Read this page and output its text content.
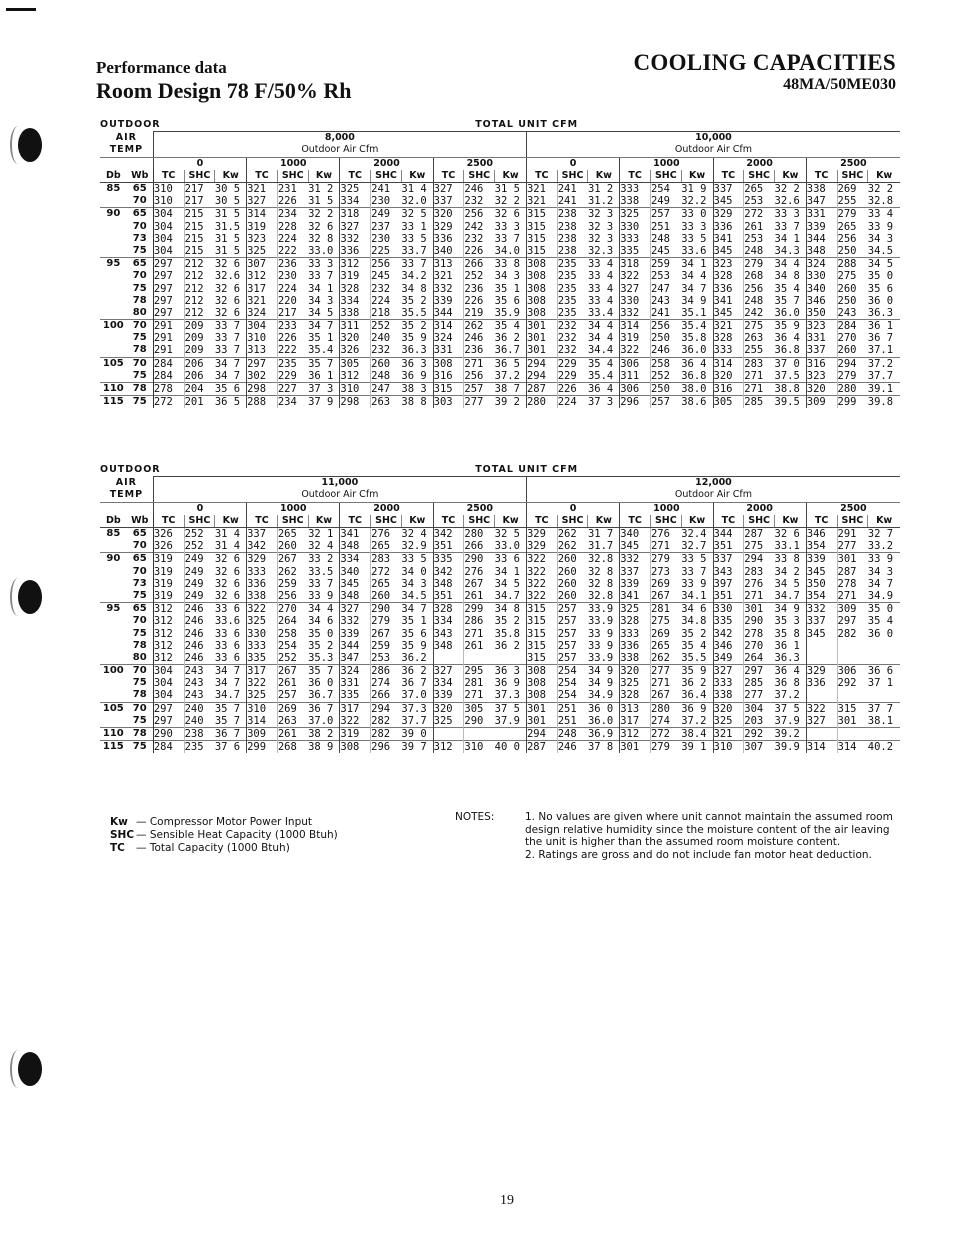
Performance data
Room Design 78 F/50% Rh
COOLING CAPACITIES
48MA/50ME030
OUTDOOR		TOTAL UNIT CFM																							
AIR		8,000												10,000											
TEMP		Outdoor Air Cfm												Outdoor Air Cfm											
		0			1000			2000			2500			0			1000			2000			2500		
Db	Wb	TC	SHC	Kw	TC	SHC	Kw	TC	SHC	Kw	TC	SHC	Kw	TC	SHC	Kw	TC	SHC	Kw	TC	SHC	Kw	TC	SHC	Kw
85	65	310	217	30 5	321	231	31 2	325	241	31 4	327	246	31 5	321	241	31 2	333	254	31 9	337	265	32 2	338	269	32 2
	70	310	217	30 5	327	226	31 5	334	230	32.0	337	232	32 2	321	241	31.2	338	249	32.2	345	253	32.6	347	255	32.8
90	65	304	215	31 5	314	234	32 2	318	249	32 5	320	256	32 6	315	238	32 3	325	257	33 0	329	272	33 3	331	279	33 4
	70	304	215	31.5	319	228	32 6	327	237	33 1	329	242	33 3	315	238	32 3	330	251	33 3	336	261	33 7	339	265	33 9
	73	304	215	31 5	323	224	32 8	332	230	33 5	336	232	33 7	315	238	32 3	333	248	33 5	341	253	34 1	344	256	34 3
	75	304	215	31 5	325	222	33.0	336	225	33.7	340	226	34.0	315	238	32.3	335	245	33.6	345	248	34.3	348	250	34.5
95	65	297	212	32 6	307	236	33 3	312	256	33 7	313	266	33 8	308	235	33 4	318	259	34 1	323	279	34 4	324	288	34 5
	70	297	212	32.6	312	230	33 7	319	245	34.2	321	252	34 3	308	235	33 4	322	253	34 4	328	268	34 8	330	275	35 0
	75	297	212	32 6	317	224	34 1	328	232	34 8	332	236	35 1	308	235	33 4	327	247	34 7	336	256	35 4	340	260	35 6
	78	297	212	32 6	321	220	34 3	334	224	35 2	339	226	35 6	308	235	33 4	330	243	34 9	341	248	35 7	346	250	36 0
	80	297	212	32 6	324	217	34 5	338	218	35.5	344	219	35.9	308	235	33.4	332	241	35.1	345	242	36.0	350	243	36.3
100	70	291	209	33 7	304	233	34 7	311	252	35 2	314	262	35 4	301	232	34 4	314	256	35.4	321	275	35 9	323	284	36 1
	75	291	209	33 7	310	226	35 1	320	240	35 9	324	246	36 2	301	232	34 4	319	250	35.8	328	263	36 4	331	270	36 7
	78	291	209	33 7	313	222	35.4	326	232	36.3	331	236	36.7	301	232	34.4	322	246	36.0	333	255	36.8	337	260	37.1
105	70	284	206	34 7	297	235	35 7	305	260	36 3	308	271	36 5	294	229	35 4	306	258	36 4	314	283	37 0	316	294	37.2
	75	284	206	34 7	302	229	36 1	312	248	36 9	316	256	37.2	294	229	35.4	311	252	36.8	320	271	37.5	323	279	37.7
110	78	278	204	35 6	298	227	37 3	310	247	38 3	315	257	38 7	287	226	36 4	306	250	38.0	316	271	38.8	320	280	39.1
115	75	272	201	36 5	288	234	37 9	298	263	38 8	303	277	39 2	280	224	37 3	296	257	38.6	305	285	39.5	309	299	39.8
OUTDOOR		TOTAL UNIT CFM																							
AIR		11,000												12,000											
TEMP		Outdoor Air Cfm												Outdoor Air Cfm											
		0			1000			2000			2500			0			1000			2000			2500		
Db	Wb	TC	SHC	Kw	TC	SHC	Kw	TC	SHC	Kw	TC	SHC	Kw	TC	SHC	Kw	TC	SHC	Kw	TC	SHC	Kw	TC	SHC	Kw
85	65	326	252	31 4	337	265	32 1	341	276	32 4	342	280	32 5	329	262	31 7	340	276	32.4	344	287	32 6	346	291	32 7
	70	326	252	31 4	342	260	32 4	348	265	32.9	351	266	33.0	329	262	31.7	345	271	32.7	351	275	33.1	354	277	33.2
90	65	319	249	32 6	329	267	33 2	334	283	33 5	335	290	33 6	322	260	32.8	332	279	33 5	337	294	33 8	339	301	33 9
	70	319	249	32 6	333	262	33.5	340	272	34 0	342	276	34 1	322	260	32 8	337	273	33 7	343	283	34 2	345	287	34 3
	73	319	249	32 6	336	259	33 7	345	265	34 3	348	267	34 5	322	260	32 8	339	269	33 9	397	276	34 5	350	278	34 7
	75	319	249	32 6	338	256	33 9	348	260	34.5	351	261	34.7	322	260	32.8	341	267	34.1	351	271	34.7	354	271	34.9
95	65	312	246	33 6	322	270	34 4	327	290	34 7	328	299	34 8	315	257	33.9	325	281	34 6	330	301	34 9	332	309	35 0
	70	312	246	33.6	325	264	34 6	332	279	35 1	334	286	35 2	315	257	33.9	328	275	34.8	335	290	35 3	337	297	35 4
	75	312	246	33 6	330	258	35 0	339	267	35 6	343	271	35.8	315	257	33 9	333	269	35 2	342	278	35 8	345	282	36 0
	78	312	246	33 6	333	254	35 2	344	259	35 9	348	261	36 2	315	257	33 9	336	265	35 4	346	270	36 1			
	80	312	246	33 6	335	252	35.3	347	253	36.2				315	257	33.9	338	262	35.5	349	264	36.3			
100	70	304	243	34 7	317	267	35 7	324	286	36 2	327	295	36 3	308	254	34 9	320	277	35 9	327	297	36 4	329	306	36 6
	75	304	243	34 7	322	261	36 0	331	274	36 7	334	281	36 9	308	254	34 9	325	271	36 2	333	285	36 8	336	292	37 1
	78	304	243	34.7	325	257	36.7	335	266	37.0	339	271	37.3	308	254	34.9	328	267	36.4	338	277	37.2			
105	70	297	240	35 7	310	269	36 7	317	294	37.3	320	305	37 5	301	251	36 0	313	280	36 9	320	304	37 5	322	315	37 7
	75	297	240	35 7	314	263	37.0	322	282	37.7	325	290	37.9	301	251	36.0	317	274	37.2	325	203	37.9	327	301	38.1
110	78	290	238	36 7	309	261	38 2	319	282	39 0				294	248	36.9	312	272	38.4	321	292	39.2			
115	75	284	235	37 6	299	268	38 9	308	296	39 7	312	310	40 0	287	246	37 8	301	279	39 1	310	307	39.9	314	314	40.2
Kw — Compressor Motor Power Input
SHC — Sensible Heat Capacity (1000 Btuh)
TC — Total Capacity (1000 Btuh)
NOTES:	1. No values are given where unit cannot maintain the assumed room design relative humidity since the moisture content of the air leaving the unit is higher than the assumed room moisture content.
2. Ratings are gross and do not include fan motor heat deduction.
19
